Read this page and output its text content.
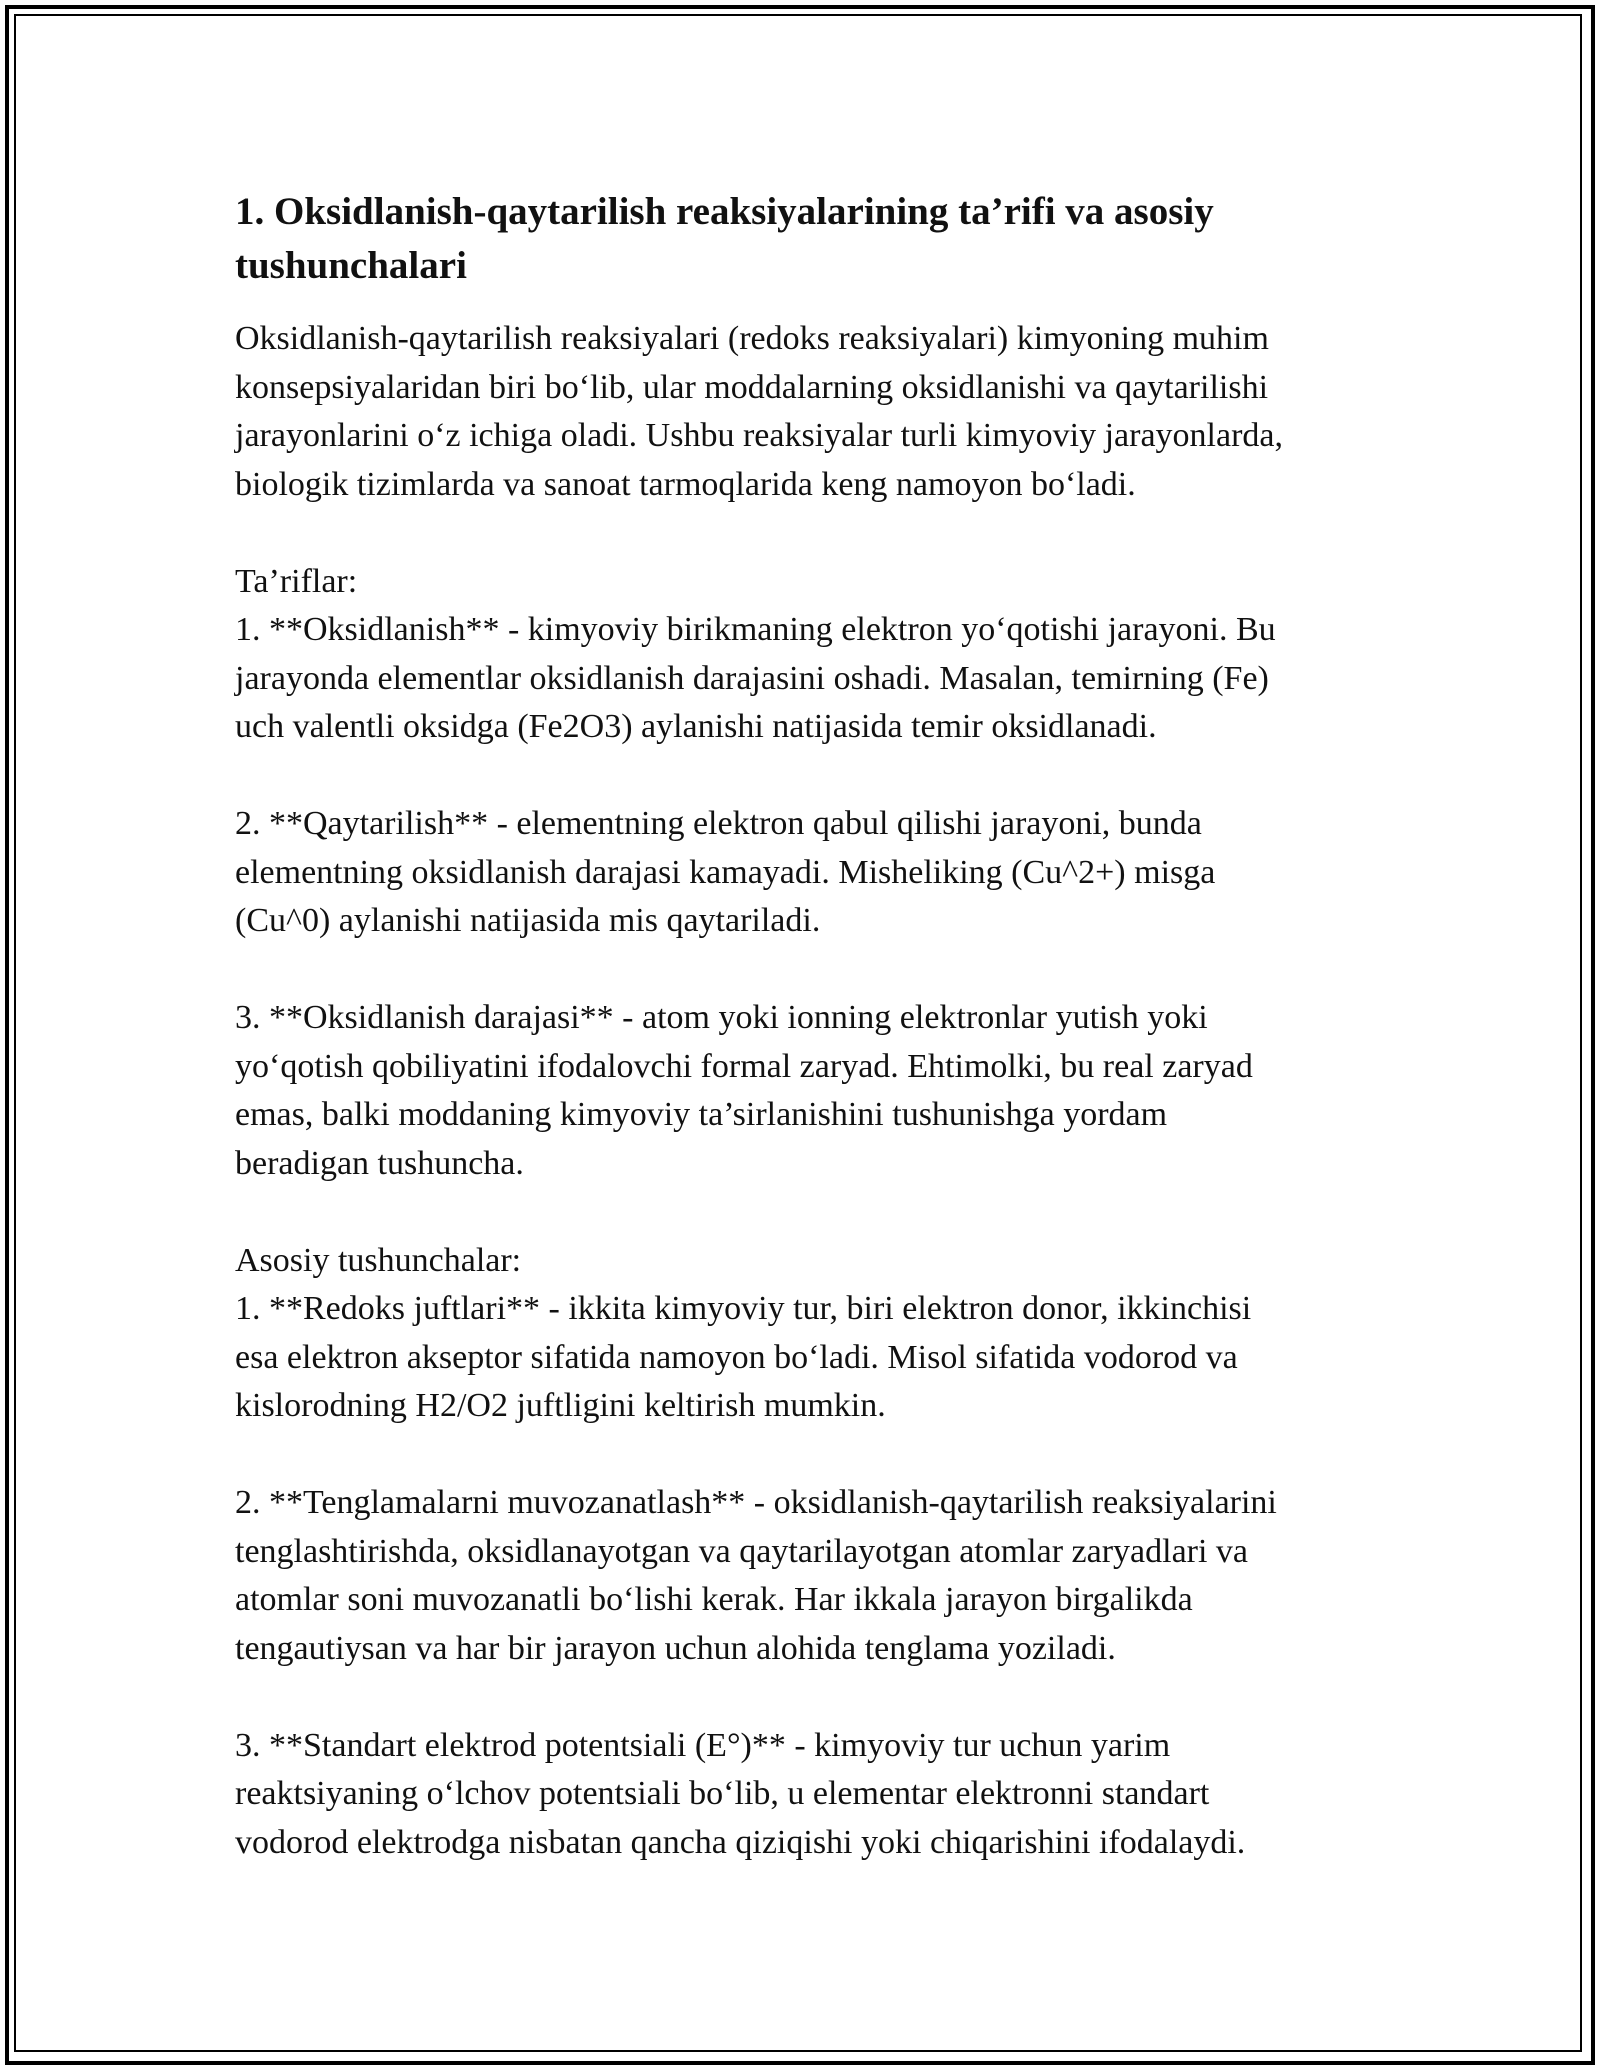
1. Oksidlanish-qaytarilish reaksiyalarining ta’rifi va asosiy
tushunchalari
Oksidlanish-qaytarilish reaksiyalari (redoks reaksiyalari) kimyoning muhim
konsepsiyalaridan biri bo‘lib, ular moddalarning oksidlanishi va qaytarilishi
jarayonlarini o‘z ichiga oladi. Ushbu reaksiyalar turli kimyoviy jarayonlarda,
biologik tizimlarda va sanoat tarmoqlarida keng namoyon bo‘ladi.
Ta’riflar:
1. **Oksidlanish** - kimyoviy birikmaning elektron yo‘qotishi jarayoni. Bu
jarayonda elementlar oksidlanish darajasini oshadi. Masalan, temirning (Fe)
uch valentli oksidga (Fe2O3) aylanishi natijasida temir oksidlanadi.
2. **Qaytarilish** - elementning elektron qabul qilishi jarayoni, bunda
elementning oksidlanish darajasi kamayadi. Misheliking (Cu^2+) misga
(Cu^0) aylanishi natijasida mis qaytariladi.
3. **Oksidlanish darajasi** - atom yoki ionning elektronlar yutish yoki
yo‘qotish qobiliyatini ifodalovchi formal zaryad. Ehtimolki, bu real zaryad
emas, balki moddaning kimyoviy ta’sirlanishini tushunishga yordam
beradigan tushuncha.
Asosiy tushunchalar:
1. **Redoks juftlari** - ikkita kimyoviy tur, biri elektron donor, ikkinchisi
esa elektron akseptor sifatida namoyon bo‘ladi. Misol sifatida vodorod va
kislorodning H2/O2 juftligini keltirish mumkin.
2. **Tenglamalarni muvozanatlash** - oksidlanish-qaytarilish reaksiyalarini
tenglashtirishda, oksidlanayotgan va qaytarilayotgan atomlar zaryadlari va
atomlar soni muvozanatli bo‘lishi kerak. Har ikkala jarayon birgalikda
tengautiysan va har bir jarayon uchun alohida tenglama yoziladi.
3. **Standart elektrod potentsiali (E°)** - kimyoviy tur uchun yarim
reaktsiyaning o‘lchov potentsiali bo‘lib, u elementar elektronni standart
vodorod elektrodga nisbatan qancha qiziqishi yoki chiqarishini ifodalaydi.
